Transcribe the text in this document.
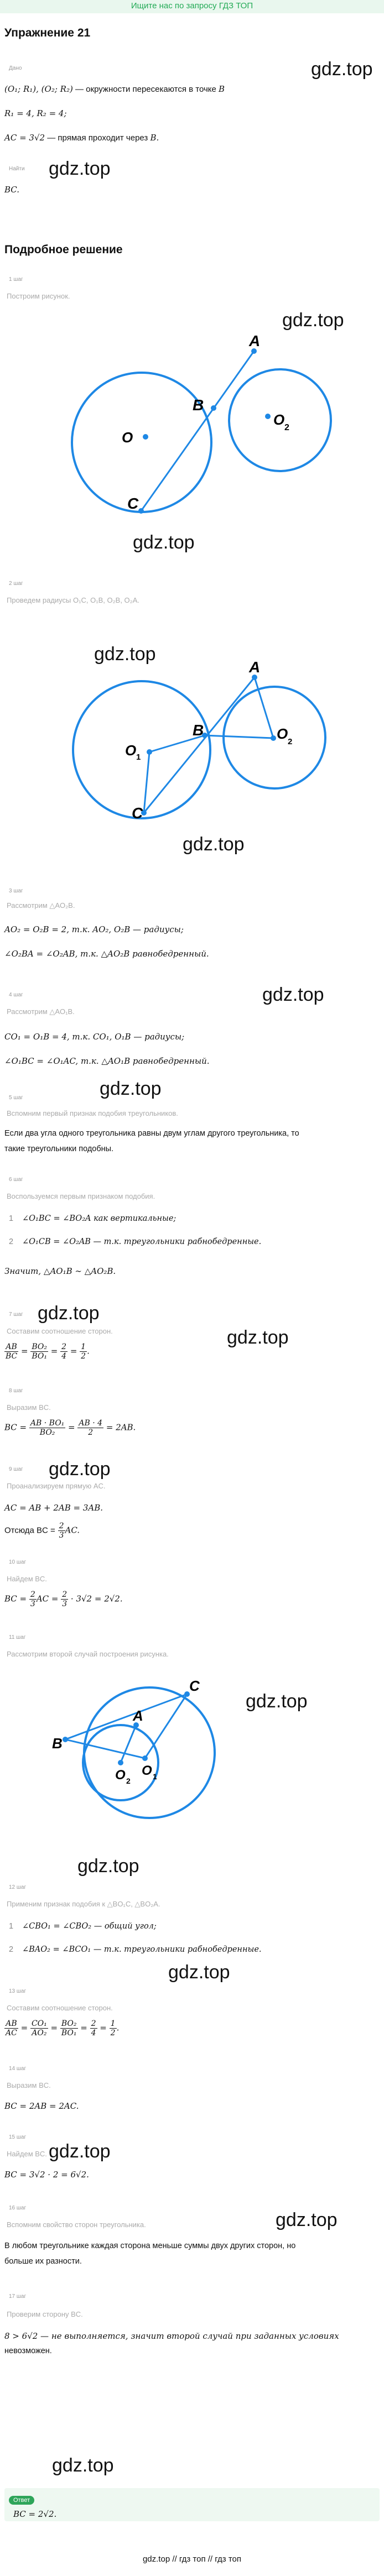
Ищите нас по запросу ГДЗ ТОП
Упражнение 21
Дано	gdz.top
(O₁; R₁), (O₂; R₂) — окружности пересекаются в точке B
R₁ = 4, R₂ = 4;
AC = 3√2 — прямая проходит через B.
Найти gdz.top
BC.
Подробное решение
1 шаг
Построим рисунок.
gdz.top
A
B
C
O
O 2
gdz.top
2 шаг
Проведем радиусы O₁C, O₁B, O₂B, O₂A.
gdz.top
A
B
C
O 1
O 2
gdz.top
3 шаг
Рассмотрим △AO₂B.
AO₂ = O₂B = 2, т.к. AO₂, O₂B — радиусы;
∠O₂BA = ∠O₂AB, т.к. △AO₂B равнобедренный.
4 шаг	gdz.top
Рассмотрим △AO₁B.
CO₁ = O₁B = 4, т.к. CO₁, O₁B — радиусы;
∠O₁BC = ∠O₁AC, т.к. △AO₁B равнобедренный.
gdz.top
5 шаг
Вспомним первый признак подобия треугольников.
Если два угла одного треугольника равны двум углам другого треугольника, то
такие треугольники подобны.
6 шаг
Воспользуемся первым признаком подобия.
1 ∠O₁BC = ∠BO₂A как вертикальные;
2 ∠O₁CB = ∠O₂AB — т.к. треугольники рабнобедренные.
Значит, △AO₁B ∼ △AO₂B.
7 шаг gdz.top
Составим соотношение сторон.	gdz.top
$\frac{AB}{BC} = \frac{\text{BO₂}}{\text{BO₁}} = \frac{2}{4} = \frac{1}{2}$ .
8 шаг
Выразим BC.
BC = $\frac{\text{AB · BO₁}}{\text{BO₂}} = \frac{AB \cdot 4}{2} = 2AB$.
gdz.top
9 шаг
Проанализируем прямую AC.
AC = AB + 2AB = 3AB.
Отсюда BC = $\frac{2}{3}$ AC.
10 шаг
Найдем BC.
BC = $\frac{2}{3}$ AC = $\frac{2}{3} \cdot 3√2 = 2√2$.
11 шаг
Рассмотрим второй случай построения рисунка.
B
A
C
O 2
O 1
gdz.top
gdz.top
12 шаг
Применим признак подобия к △BO₁C, △BO₂A.
1 ∠CBO₁ = ∠CBO₂ — общий угол;
2 ∠BAO₂ = ∠BCO₁ — т.к. треугольники рабнобедренные.
gdz.top
13 шаг
Составим соотношение сторон.
$\frac{AB}{AC} = \frac{\text{CO₁}}{\text{AO₂}} = \frac{\text{BO₂}}{\text{BO₁}} = \frac{2}{4} = \frac{1}{2}$ .
14 шаг
Выразим BC.
BC = 2AB = 2AC.
15 шаг
gdz.top
Найдем BC.
BC = 3√2 · 2 = 6√2.
16 шаг
gdz.top
Вспомним свойство сторон треугольника.
В любом треугольнике каждая сторона меньше суммы двух других сторон, но
больше их разности.
17 шаг
Проверим сторону BC.
8 > 6√2 — не выполняется, значит второй случай при заданных условиях
невозможен.
gdz.top
Ответ
BC = 2√2.
gdz.top // гдз топ // гдз топ
